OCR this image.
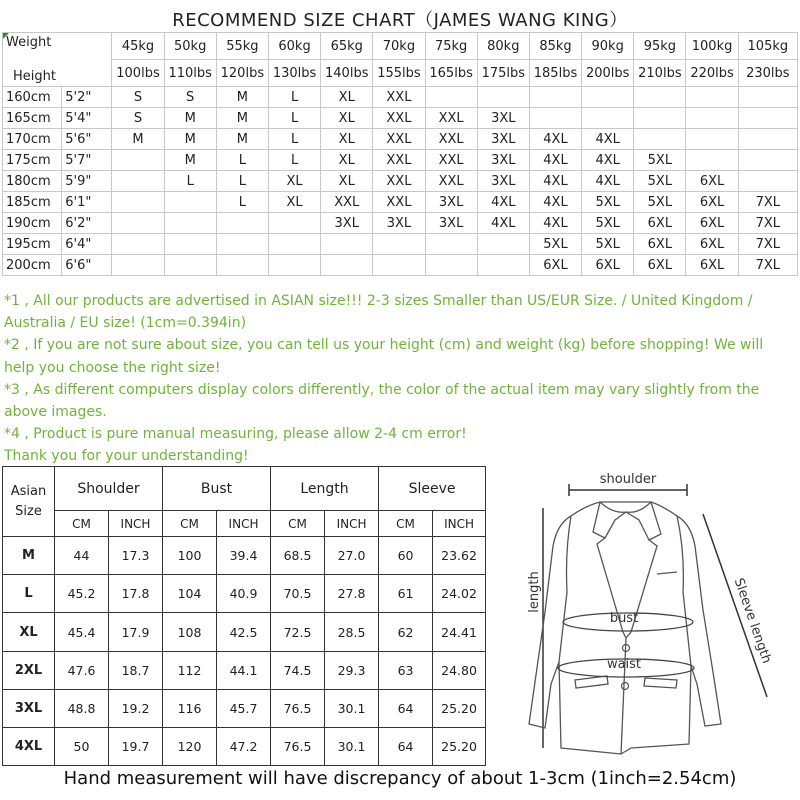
RECOMMEND SIZE CHART（JAMES WANG KING）
Weight
Height		45kg	50kg	55kg	60kg	65kg	70kg	75kg	80kg	85kg	90kg	95kg	100kg	105kg
		100lbs	110lbs	120lbs	130lbs	140lbs	155lbs	165lbs	175lbs	185lbs	200lbs	210lbs	220lbs	230lbs
160cm	5'2"	S	S	M	L	XL	XXL							
165cm	5'4"	S	M	M	L	XL	XXL	XXL	3XL					
170cm	5'6"	M	M	M	L	XL	XXL	XXL	3XL	4XL	4XL			
175cm	5'7"		M	L	L	XL	XXL	XXL	3XL	4XL	4XL	5XL		
180cm	5'9"		L	L	XL	XL	XXL	XXL	3XL	4XL	4XL	5XL	6XL	
185cm	6'1"			L	XL	XXL	XXL	3XL	4XL	4XL	5XL	5XL	6XL	7XL
190cm	6'2"					3XL	3XL	3XL	4XL	4XL	5XL	6XL	6XL	7XL
195cm	6'4"									5XL	5XL	6XL	6XL	7XL
200cm	6'6"									6XL	6XL	6XL	6XL	7XL

*1 , All our products are advertised in ASIAN size!!! 2-3 sizes Smaller than US/EUR Size. / United Kingdom / Australia / EU size! (1cm=0.394in)

*2 , If you are not sure about size, you can tell us your height (cm) and weight (kg) before shopping! We will help you choose the right size!

*3 , As different computers display colors differently, the color of the actual item may vary slightly from the above images.

*4 , Product is pure manual measuring, please allow 2-4 cm error!

Thank you for your understanding!

Asian Size	Shoulder		Bust		Length		Sleeve	
	CM	INCH	CM	INCH	CM	INCH	CM	INCH
M	44	17.3	100	39.4	68.5	27.0	60	23.62
L	45.2	17.8	104	40.9	70.5	27.8	61	24.02
XL	45.4	17.9	108	42.5	72.5	28.5	62	24.41
2XL	47.6	18.7	112	44.1	74.5	29.3	63	24.80
3XL	48.8	19.2	116	45.7	76.5	30.1	64	25.20
4XL	50	19.7	120	47.2	76.5	30.1	64	25.20
shoulder
length	Sleeve length
bust
waist
Hand measurement will have discrepancy of about 1-3cm (1inch=2.54cm)
